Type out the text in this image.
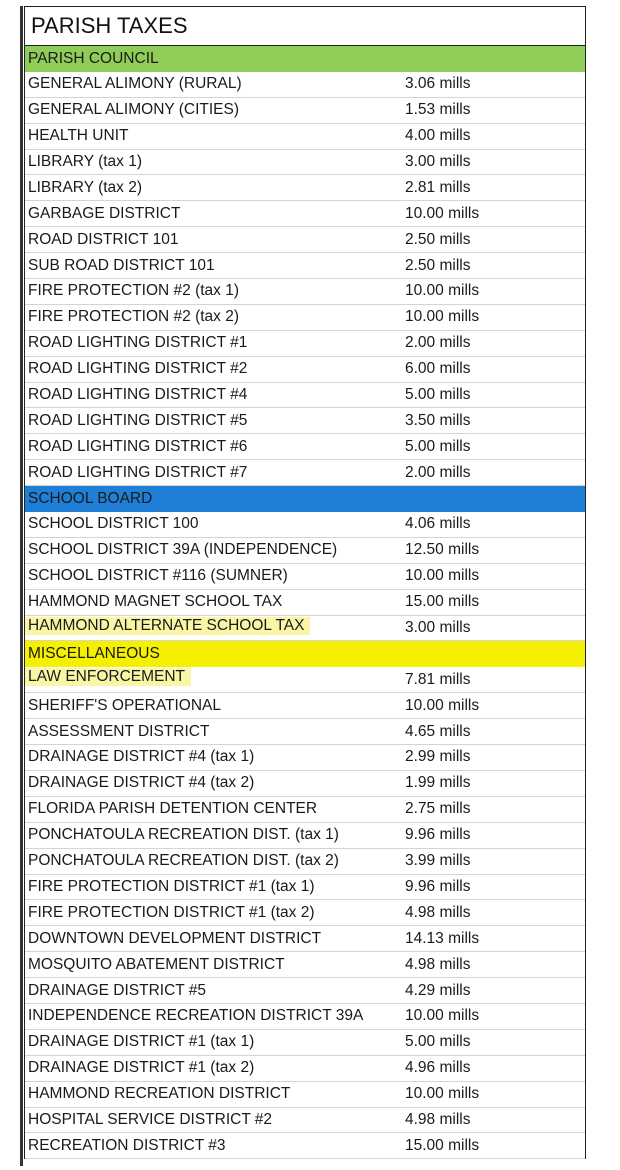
PARISH TAXES
PARISH COUNCIL
GENERAL ALIMONY (RURAL)	3.06 mills
GENERAL ALIMONY (CITIES)	1.53 mills
HEALTH UNIT	4.00 mills
LIBRARY (tax 1)	3.00 mills
LIBRARY (tax 2)	2.81 mills
GARBAGE DISTRICT	10.00 mills
ROAD DISTRICT 101	2.50 mills
SUB ROAD DISTRICT 101	2.50 mills
FIRE PROTECTION #2 (tax 1)	10.00 mills
FIRE PROTECTION #2 (tax 2)	10.00 mills
ROAD LIGHTING DISTRICT #1	2.00 mills
ROAD LIGHTING DISTRICT #2	6.00 mills
ROAD LIGHTING DISTRICT #4	5.00 mills
ROAD LIGHTING DISTRICT #5	3.50 mills
ROAD LIGHTING DISTRICT #6	5.00 mills
ROAD LIGHTING DISTRICT #7	2.00 mills
SCHOOL BOARD
SCHOOL DISTRICT 100	4.06 mills
SCHOOL DISTRICT 39A (INDEPENDENCE)	12.50 mills
SCHOOL DISTRICT #116 (SUMNER)	10.00 mills
HAMMOND MAGNET SCHOOL TAX	15.00 mills
HAMMOND ALTERNATE SCHOOL TAX	3.00 mills
MISCELLANEOUS
LAW ENFORCEMENT	7.81 mills
SHERIFF'S OPERATIONAL	10.00 mills
ASSESSMENT DISTRICT	4.65 mills
DRAINAGE DISTRICT #4 (tax 1)	2.99 mills
DRAINAGE DISTRICT #4 (tax 2)	1.99 mills
FLORIDA PARISH DETENTION CENTER	2.75 mills
PONCHATOULA RECREATION DIST. (tax 1)	9.96 mills
PONCHATOULA RECREATION DIST. (tax 2)	3.99 mills
FIRE PROTECTION DISTRICT #1 (tax 1)	9.96 mills
FIRE PROTECTION DISTRICT #1 (tax 2)	4.98 mills
DOWNTOWN DEVELOPMENT DISTRICT	14.13 mills
MOSQUITO ABATEMENT DISTRICT	4.98 mills
DRAINAGE DISTRICT #5	4.29 mills
INDEPENDENCE RECREATION DISTRICT 39A	10.00 mills
DRAINAGE DISTRICT #1 (tax 1)	5.00 mills
DRAINAGE DISTRICT #1 (tax 2)	4.96 mills
HAMMOND RECREATION DISTRICT	10.00 mills
HOSPITAL SERVICE DISTRICT #2	4.98 mills
RECREATION DISTRICT #3	15.00 mills
